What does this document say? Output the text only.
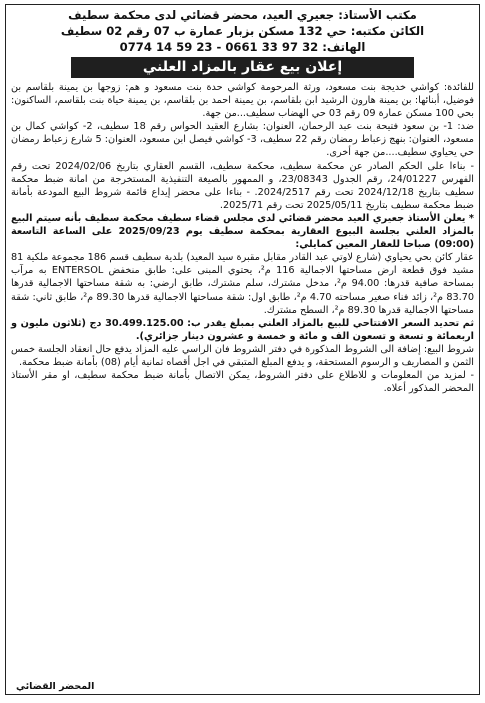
مكتب الأستاذ: جعيري العيد، محضر قضائي لدى محكمة سطيف
الكائن مكتبه: حي 132 مسكن بزبار عمارة ب 07 رقم 02 سطيف
الهاتف: 32 97 33 0661 - 23 59 14 0774
إعلان بيع عقار بالمزاد العلني

للفائدة: كواشي خديجة بنت مسعود، ورثة المرحومة كواشي حدة بنت مسعود و هم: زوجها بن يمينة بلقاسم بن فوضيل، أبنائها: بن يمينة هارون الرشيد ابن بلقاسم، بن يمينة احمد بن بلقاسم، بن يمينة حياة بنت بلقاسم، الساكنون: بحي 100 مسكن عمارة 09 رقم 03 حي الهضاب سطيف...من جهة.

ضد: 1- بن سعود فتيحة بنت عبد الرحمان، العنوان: بشارع العقيد الحواس رقم 18 سطيف، 2- كواشي كمال بن مسعود، العنوان: بنهج زعباط رمضان رقم 22 سطيف، 3- كواشي فيصل ابن مسعود، العنوان: 5 شارع زعباط رمضان حي يحياوي سطيف....من جهة أخرى.

- بناءا على الحكم الصادر عن محكمة سطيف، محكمة سطيف، القسم العقاري بتاريخ 2024/02/06 تحت رقم الفهرس 24/01227، رقم الجدول 23/08343، و الممهور بالصيغة التنفيذية المستخرجة من امانة ضبط محكمة سطيف بتاريخ 2024/12/18 تحت رقم 2024/2517. - بناءا على محضر إيداع قائمة شروط البيع المودعة بأمانة ضبط محكمة سطيف بتاريخ 2025/05/11 تحت رقم 2025/71.

* يعلن الأستاذ جعيري العيد محضر قضائي لدى مجلس قضاء سطيف محكمة سطيف بأنه سيتم البيع بالمزاد العلني بجلسة البيوع العقارية بمحكمة سطيف يوم 2025/09/23 على الساعة التاسعة (09:00) صباحا للعقار المعين كمايلي:

عقار كائن بحي يحياوي (شارع لاوتي عبد القادر مقابل مقبرة سيد المعيد) بلدية سطيف قسم 186 مجموعة ملكية 81 مشيد فوق قطعة ارض مساحتها الاجمالية 116 م²، يحتوي المبنى على: طابق منخفض ENTERSOL به مرآب بمساحة صافية قدرها: 94.00 م²، مدخل مشترك، سلم مشترك، طابق ارضي: به شقة مساحتها الاجمالية قدرها 83.70 م²، زائد فناء صغير مساحته 4.70 م²، طابق اول: شقة مساحتها الاجمالية قدرها 89.30 م²، طابق ثاني: شقة مساحتها الاجمالية قدرها 89.30 م²، السطح مشترك.

ثم تحديد السعر الافتتاحي للبيع بالمزاد العلني بمبلغ يقدر ب: 30.499.125.00 دج (ثلاثون مليون و اربعمائة و تسعة و تسعون الف و مائة و خمسة و عشرون دينار جزائري).

شروط البيع: إضافة الى الشروط المذكورة في دفتر الشروط فان الراسي عليه المزاد يدفع حال انعقاد الجلسة خمس الثمن و المصاريف و الرسوم المستحقة، و يدفع المبلغ المتبقي في اجل أقصاه ثمانية أيام (08) بأمانة ضبط محكمة.

- لمزيد من المعلومات و للاطلاع على دفتر الشروط، يمكن الاتصال بأمانة ضبط محكمة سطيف، او مقر الأستاذ المحضر المذكور أعلاه.

المحضر القضائي
